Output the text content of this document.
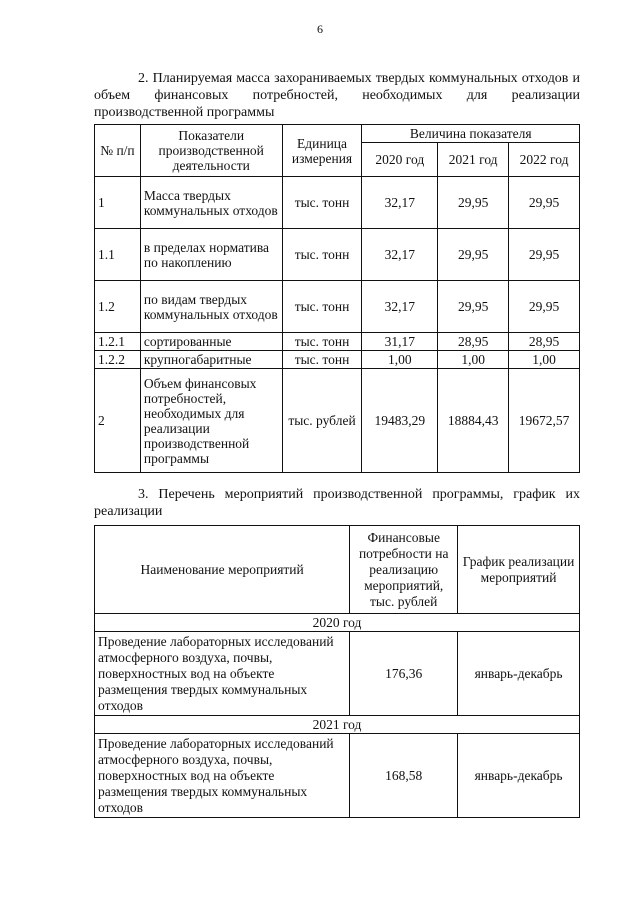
6
2. Планируемая масса захораниваемых твердых коммунальных отходов и объем финансовых потребностей, необходимых для реализации производственной программы
№ п/п	Показатели производственной деятельности	Единица измерения	Величина показателя		
			2020 год	2021 год	2022 год
1	Масса твердых коммунальных отходов	тыс. тонн	32,17	29,95	29,95
1.1	в пределах норматива по накоплению	тыс. тонн	32,17	29,95	29,95
1.2	по видам твердых коммунальных отходов	тыс. тонн	32,17	29,95	29,95
1.2.1	сортированные	тыс. тонн	31,17	28,95	28,95
1.2.2	крупногабаритные	тыс. тонн	1,00	1,00	1,00
2	Объем финансовых потребностей, необходимых для реализации производственной программы	тыс. рублей	19483,29	18884,43	19672,57
3. Перечень мероприятий производственной программы, график их реализации
Наименование мероприятий	Финансовые потребности на реализацию мероприятий, тыс. рублей	График реализации мероприятий
2020 год		
Проведение лабораторных исследований атмосферного воздуха, почвы, поверхностных вод на объекте размещения твердых коммунальных отходов	176,36	январь-декабрь
2021 год		
Проведение лабораторных исследований атмосферного воздуха, почвы, поверхностных вод на объекте размещения твердых коммунальных отходов	168,58	январь-декабрь
